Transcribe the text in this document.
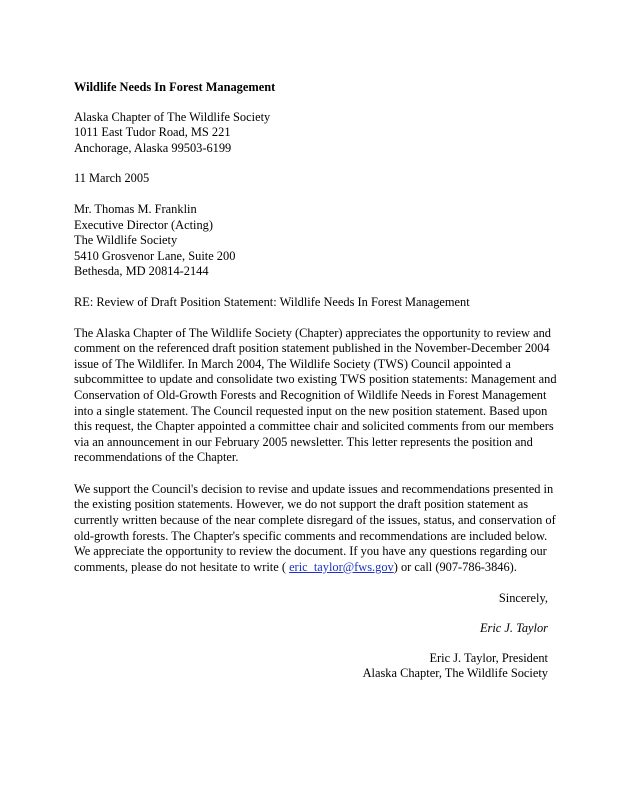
Wildlife Needs In Forest Management
Alaska Chapter of The Wildlife Society
1011 East Tudor Road, MS 221
Anchorage, Alaska 99503-6199
11 March 2005
Mr. Thomas M. Franklin
Executive Director (Acting)
The Wildlife Society
5410 Grosvenor Lane, Suite 200
Bethesda, MD 20814-2144
RE: Review of Draft Position Statement: Wildlife Needs In Forest Management
The Alaska Chapter of The Wildlife Society (Chapter) appreciates the opportunity to review and
comment on the referenced draft position statement published in the November-December 2004
issue of The Wildlifer. In March 2004, The Wildlife Society (TWS) Council appointed a
subcommittee to update and consolidate two existing TWS position statements: Management and
Conservation of Old-Growth Forests and Recognition of Wildlife Needs in Forest Management
into a single statement. The Council requested input on the new position statement. Based upon
this request, the Chapter appointed a committee chair and solicited comments from our members
via an announcement in our February 2005 newsletter. This letter represents the position and
recommendations of the Chapter.
We support the Council's decision to revise and update issues and recommendations presented in
the existing position statements. However, we do not support the draft position statement as
currently written because of the near complete disregard of the issues, status, and conservation of
old-growth forests. The Chapter's specific comments and recommendations are included below.
We appreciate the opportunity to review the document. If you have any questions regarding our
comments, please do not hesitate to write ( eric_taylor@fws.gov) or call (907-786-3846).
Sincerely,
Eric J. Taylor
Eric J. Taylor, President
Alaska Chapter, The Wildlife Society
